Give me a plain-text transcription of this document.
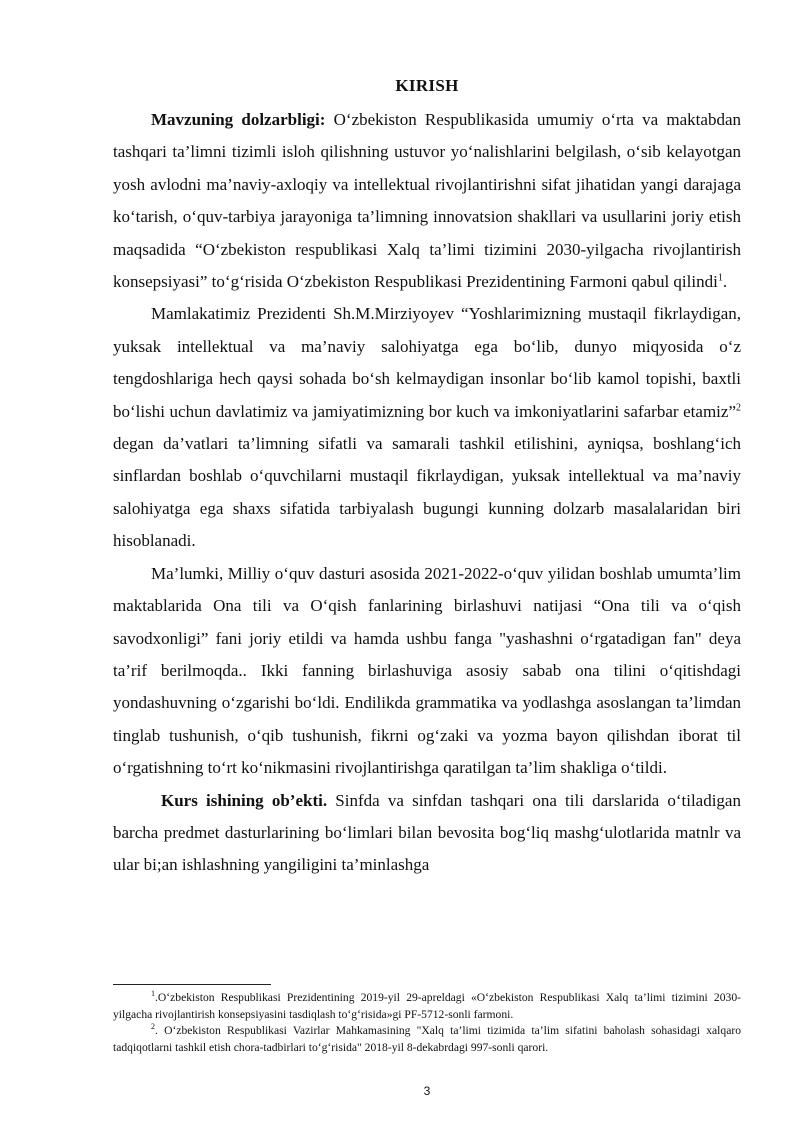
KIRISH

Mavzuning dolzarbligi: O‘zbekiston Respublikasida umumiy o‘rta va maktabdan tashqari ta’limni tizimli isloh qilishning ustuvor yo‘nalishlarini belgilash, o‘sib kelayotgan yosh avlodni ma’naviy-axloqiy va intellektual rivojlantirishni sifat jihatidan yangi darajaga ko‘tarish, o‘quv-tarbiya jarayoniga ta’limning innovatsion shakllari va usullarini joriy etish maqsadida “O‘zbekiston respublikasi Xalq ta’limi tizimini 2030-yilgacha rivojlantirish konsepsiyasi” to‘g‘risida O‘zbekiston Respublikasi Prezidentining Farmoni qabul qilindi$^1$.

Mamlakatimiz Prezidenti Sh.M.Mirziyoyev “Yoshlarimizning mustaqil fikrlaydigan, yuksak intellektual va ma’naviy salohiyatga ega bo‘lib, dunyo miqyosida o‘z tengdoshlariga hech qaysi sohada bo‘sh kelmaydigan insonlar bo‘lib kamol topishi, baxtli bo‘lishi uchun davlatimiz va jamiyatimizning bor kuch va imkoniyatlarini safarbar etamiz”$^2$ degan da’vatlari ta’limning sifatli va samarali tashkil etilishini, ayniqsa, boshlang‘ich sinflardan boshlab o‘quvchilarni mustaqil fikrlaydigan, yuksak intellektual va ma’naviy salohiyatga ega shaxs sifatida tarbiyalash bugungi kunning dolzarb masalalaridan biri hisoblanadi.

Ma’lumki, Milliy o‘quv dasturi asosida 2021-2022-o‘quv yilidan boshlab umumta’lim maktablarida Ona tili va O‘qish fanlarining birlashuvi natijasi “Ona tili va o‘qish savodxonligi” fani joriy etildi va hamda ushbu fanga "yashashni o‘rgatadigan fan" deya ta’rif berilmoqda.. Ikki fanning birlashuviga asosiy sabab ona tilini o‘qitishdagi yondashuvning o‘zgarishi bo‘ldi. Endilikda grammatika va yodlashga asoslangan ta’limdan tinglab tushunish, o‘qib tushunish, fikrni og‘zaki va yozma bayon qilishdan iborat til o‘rgatishning to‘rt ko‘nikmasini rivojlantirishga qaratilgan ta’lim shakliga o‘tildi.

Kurs ishining ob’ekti. Sinfda va sinfdan tashqari ona tili darslarida o‘tiladigan barcha predmet dasturlarining bo‘limlari bilan bevosita bog‘liq mashg‘ulotlarida matnlr va ular bi;an ishlashning yangiligini ta’minlashga

$^1$.O‘zbekiston Respublikasi Prezidentining 2019-yil 29-apreldagi «O‘zbekiston Respublikasi Xalq ta’limi tizimini 2030-yilgacha rivojlantirish konsepsiyasini tasdiqlash to‘g‘risida»gi PF-5712-sonli farmoni.

$^2$. O‘zbekiston Respublikasi Vazirlar Mahkamasining "Xalq ta’limi tizimida ta’lim sifatini baholash sohasidagi xalqaro tadqiqotlarni tashkil etish chora-tadbirlari to‘g‘risida" 2018-yil 8-dekabrdagi 997-sonli qarori.

3
